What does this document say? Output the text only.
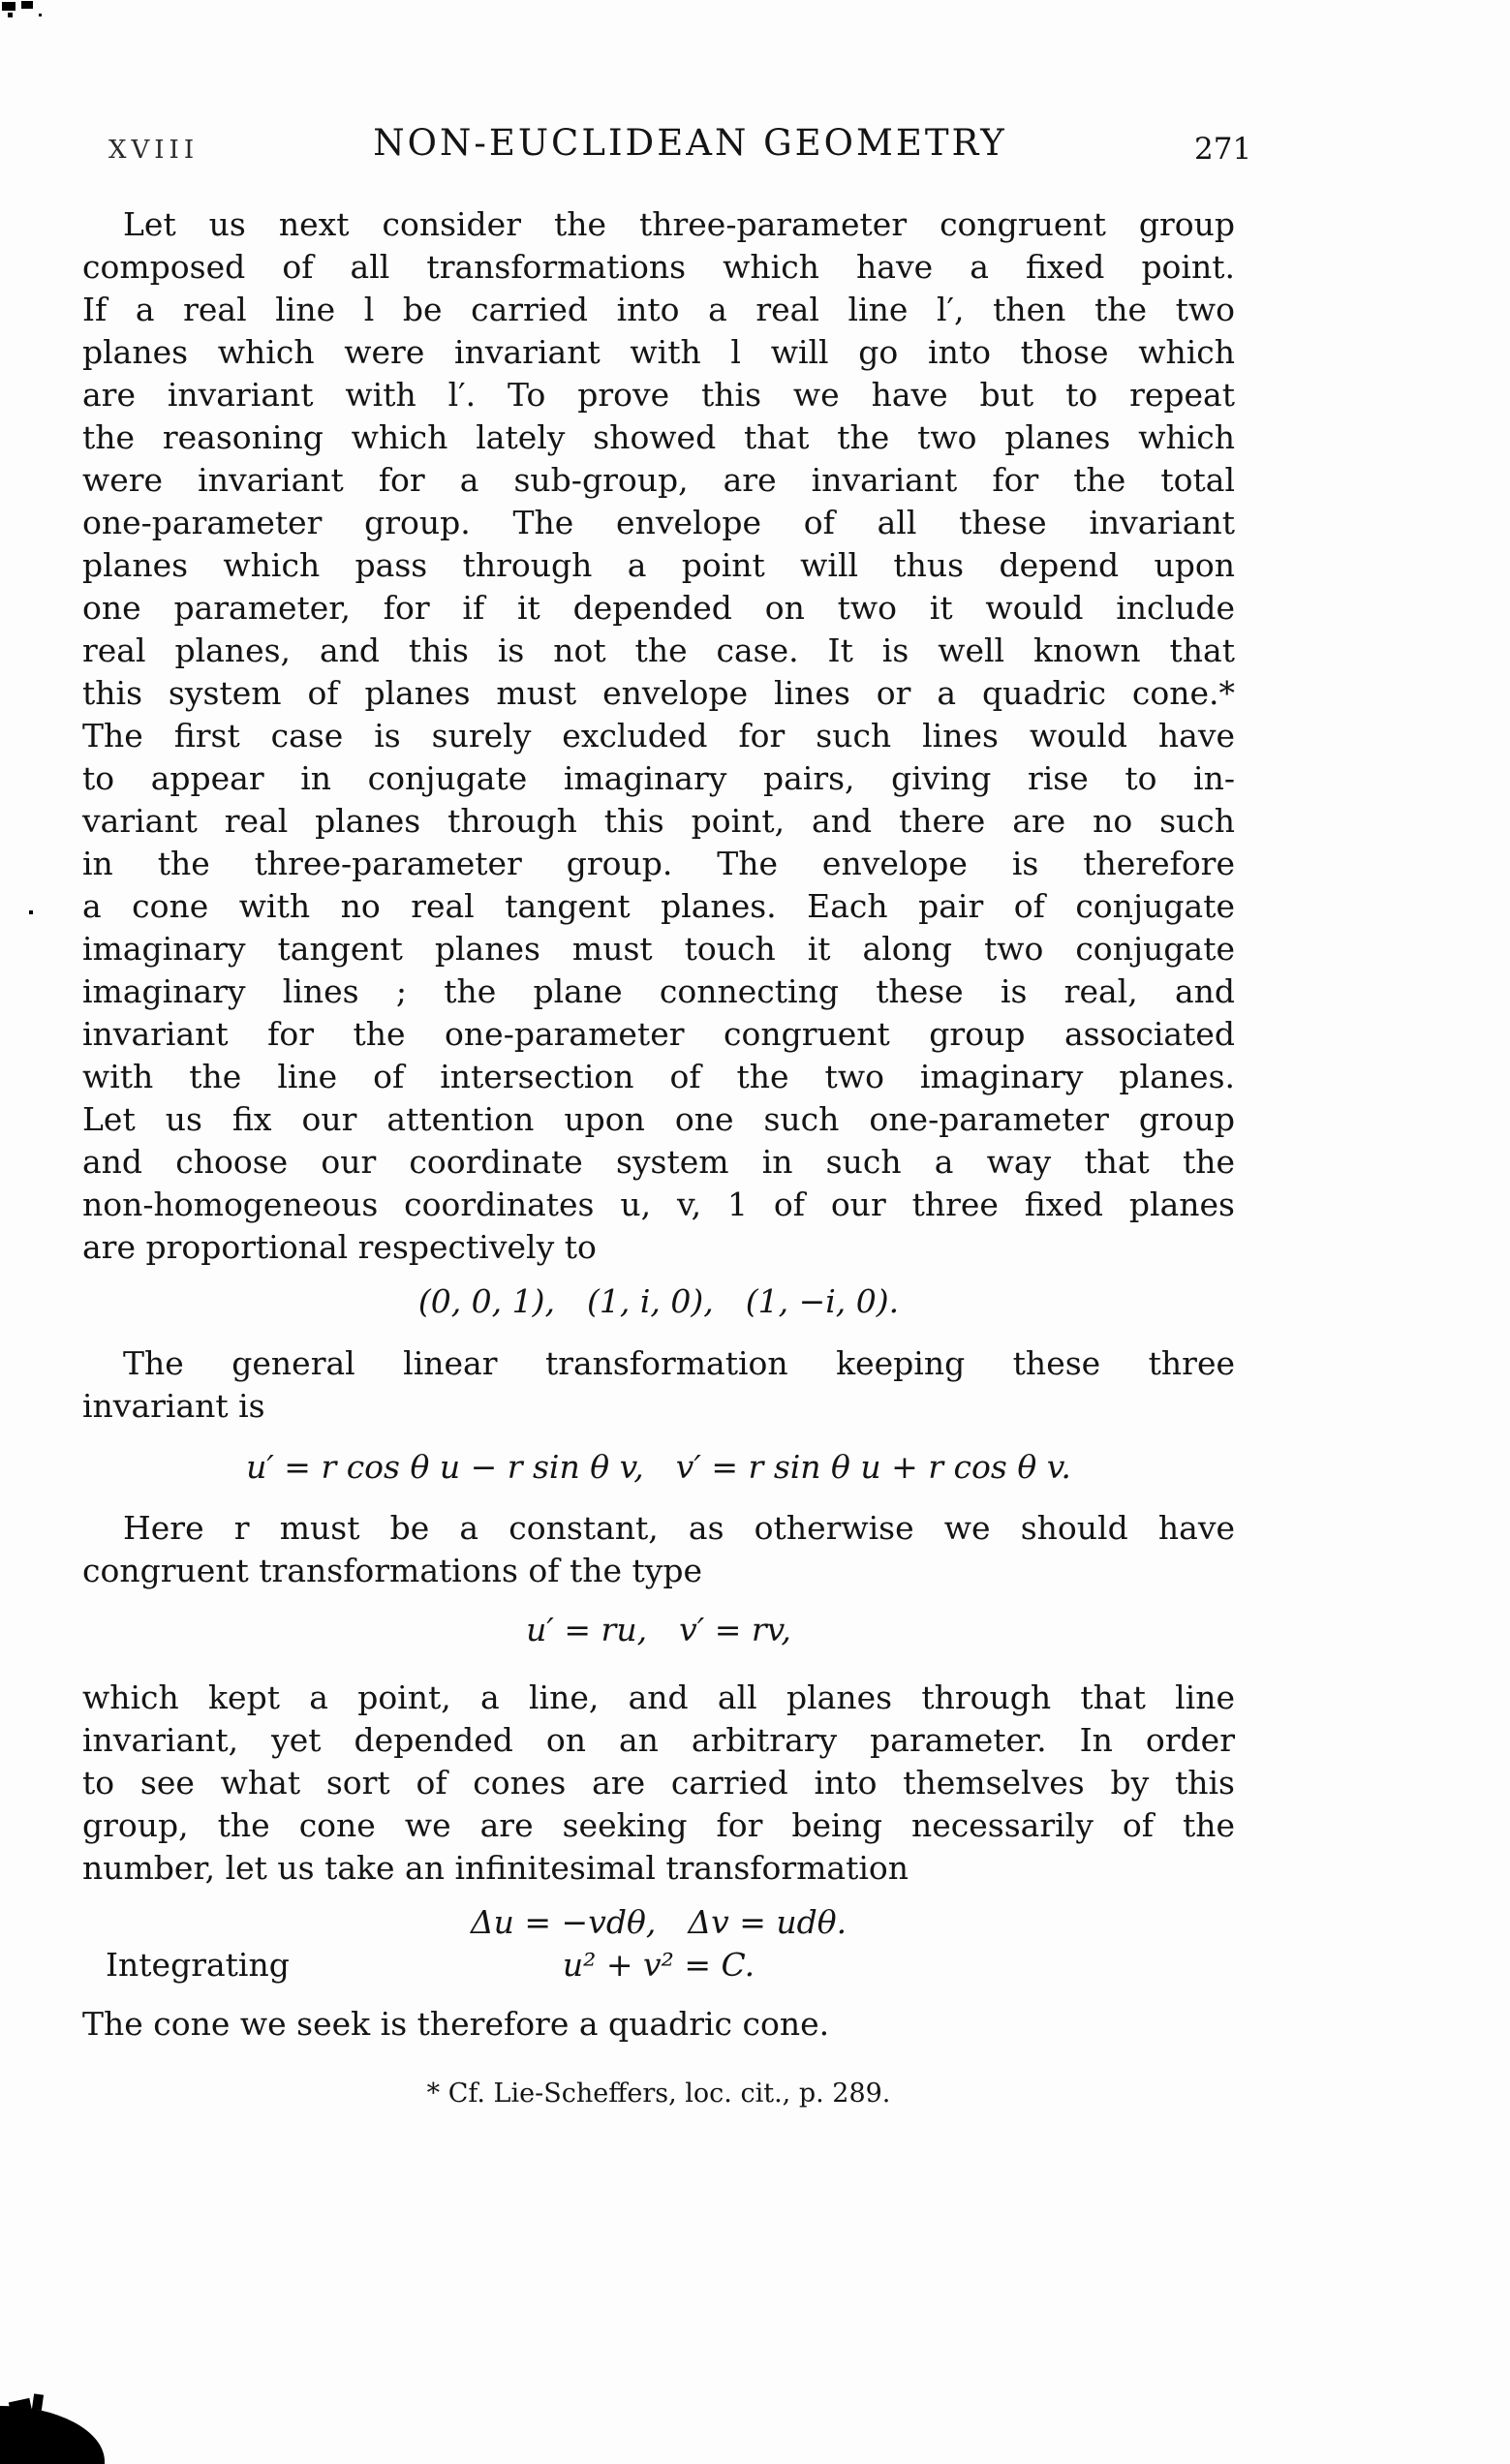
XVIII	NON-EUCLIDEAN GEOMETRY	271
Let us next consider the three-parameter congruent group
composed of all transformations which have a fixed point.
If a real line l be carried into a real line l′, then the two
planes which were invariant with l will go into those which
are invariant with l′. To prove this we have but to repeat
the reasoning which lately showed that the two planes which
were invariant for a sub-group, are invariant for the total
one-parameter group. The envelope of all these invariant
planes which pass through a point will thus depend upon
one parameter, for if it depended on two it would include
real planes, and this is not the case. It is well known that
this system of planes must envelope lines or a quadric cone.*
The first case is surely excluded for such lines would have
to appear in conjugate imaginary pairs, giving rise to in-
variant real planes through this point, and there are no such
in the three-parameter group. The envelope is therefore
a cone with no real tangent planes. Each pair of conjugate
imaginary tangent planes must touch it along two conjugate
imaginary lines ; the plane connecting these is real, and
invariant for the one-parameter congruent group associated
with the line of intersection of the two imaginary planes.
Let us fix our attention upon one such one-parameter group
and choose our coordinate system in such a way that the
non-homogeneous coordinates u, v, 1 of our three fixed planes
are proportional respectively to
(0, 0, 1), (1, i, 0), (1, −i, 0).
The general linear transformation keeping these three
invariant is
u′ = r cos θ u − r sin θ v, v′ = r sin θ u + r cos θ v.
Here r must be a constant, as otherwise we should have
congruent transformations of the type
u′ = ru, v′ = rv,
which kept a point, a line, and all planes through that line
invariant, yet depended on an arbitrary parameter. In order
to see what sort of cones are carried into themselves by this
group, the cone we are seeking for being necessarily of the
number, let us take an infinitesimal transformation
Δu = −vdθ, Δv = udθ.
Integrating	u² + v² = C.
The cone we seek is therefore a quadric cone.
* Cf. Lie-Scheffers, loc. cit., p. 289.
